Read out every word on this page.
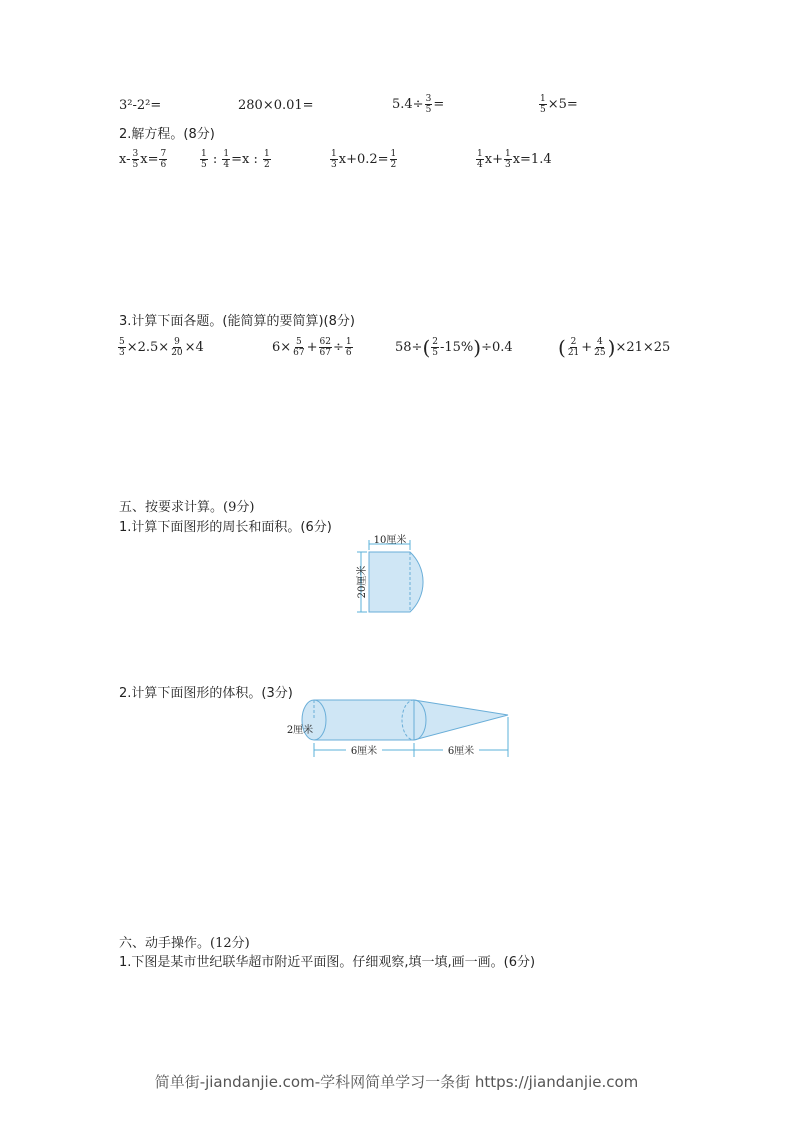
3²-2²=	280×0.01=	$5.4\div \frac{3}{5}$ =	$\frac{1}{5} \times 5=$
2.解方程。(8分)
$x- \frac{3}{5} x= \frac{7}{6}$	$\frac{1}{5}$ : $\frac{1}{4} =x$ : $\frac{1}{2}$	$\frac{1}{3} x+0.2= \frac{1}{2}$	$\frac{1}{4} x+ \frac{1}{3} x=1.4$
3.计算下面各题。(能简算的要简算)(8分)
$\frac{5}{3} \times 2.5\times \frac{9}{20} \times 4$	$6\times \frac{5}{67} + \frac{62}{67} \div \frac{1}{6}$	$58\div( \frac{2}{5} -15\%)\div 0.4$ ( $\frac{2}{21} + \frac{4}{25} )\times 21\times 25$
五、按要求计算。(9分)
1.计算下面图形的周长和面积。(6分)
10厘米
20厘米
2.计算下面图形的体积。(3分)
2厘米
6厘米	6厘米
六、动手操作。(12分)
1.下图是某市世纪联华超市附近平面图。仔细观察,填一填,画一画。(6分)
简单街-jiandanjie.com-学科网简单学习一条街 https://jiandanjie.com
